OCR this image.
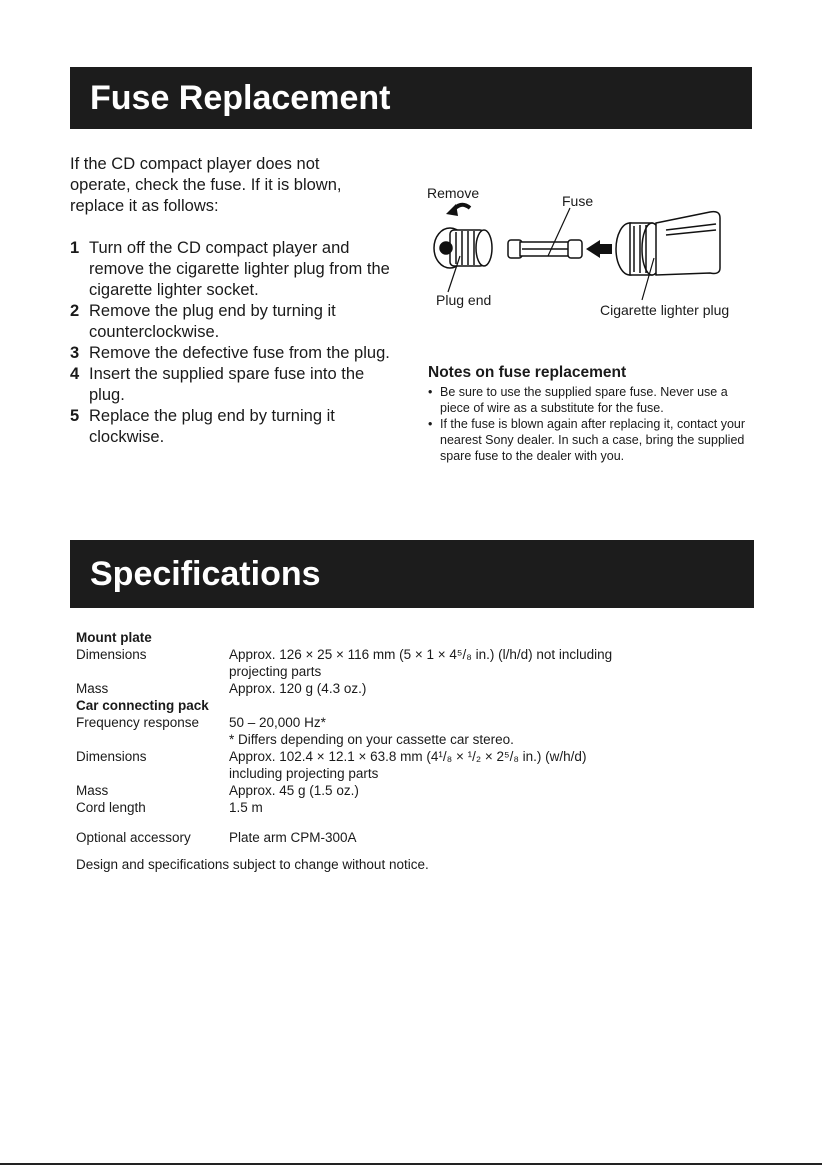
Fuse Replacement

If the CD compact player does not operate, check the fuse. If it is blown, replace it as follows:

1 Turn off the CD compact player and remove the cigarette lighter plug from the cigarette lighter socket.
2 Remove the plug end by turning it counterclockwise.
3 Remove the defective fuse from the plug.
4 Insert the supplied spare fuse into the plug.
5 Replace the plug end by turning it clockwise.
Remove	Fuse
Plug end
Cigarette lighter plug
Notes on fuse replacement
• Be sure to use the supplied spare fuse. Never use a piece of wire as a substitute for the fuse.
• If the fuse is blown again after replacing it, contact your nearest Sony dealer. In such a case, bring the supplied spare fuse to the dealer with you.
Specifications
Mount plate
Dimensions	Approx. 126 × 25 × 116 mm (5 × 1 × 4⁵/₈ in.) (l/h/d) not including
projecting parts
Mass	Approx. 120 g (4.3 oz.)
Car connecting pack
Frequency response	50 – 20,000 Hz*
* Differs depending on your cassette car stereo.
Dimensions	Approx. 102.4 × 12.1 × 63.8 mm (4¹/₈ × ¹/₂ × 2⁵/₈ in.) (w/h/d)
including projecting parts
Mass	Approx. 45 g (1.5 oz.)
Cord length	1.5 m
Optional accessory	Plate arm CPM-300A
Design and specifications subject to change without notice.
